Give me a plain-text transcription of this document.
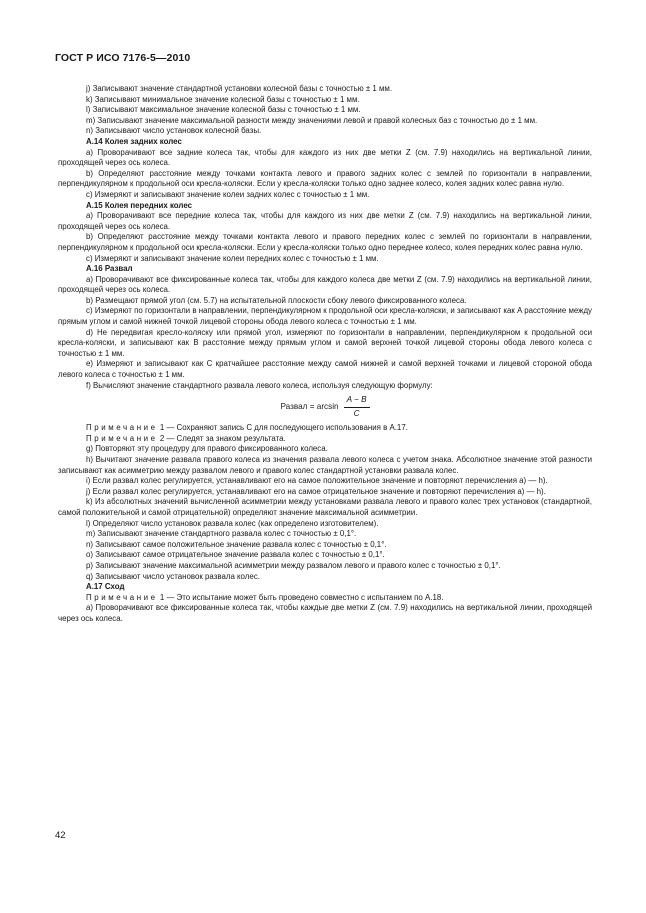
ГОСТ Р ИСО 7176-5—2010

j) Записывают значение стандартной установки колесной базы с точностью ± 1 мм.

k) Записывают минимальное значение колесной базы с точностью ± 1 мм.

l) Записывают максимальное значение колесной базы с точностью ± 1 мм.

m) Записывают значение максимальной разности между значениями левой и правой колесных баз с точностью до ± 1 мм.

n) Записывают число установок колесной базы.

А.14 Колея задних колес

a) Проворачивают все задние колеса так, чтобы для каждого из них две метки Z (см. 7.9) находились на вертикальной линии, проходящей через ось колеса.

b) Определяют расстояние между точками контакта левого и правого задних колес с землей по горизонтали в направлении, перпендикулярном к продольной оси кресла-коляски. Если у кресла-коляски только одно заднее колесо, колея задних колес равна нулю.

c) Измеряют и записывают значение колеи задних колес с точностью ± 1 мм.

А.15 Колея передних колес

a) Проворачивают все передние колеса так, чтобы для каждого из них две метки Z (см. 7.9) находились на вертикальной линии, проходящей через ось колеса.

b) Определяют расстояние между точками контакта левого и правого передних колес с землей по горизонтали в направлении, перпендикулярном к продольной оси кресла-коляски. Если у кресла-коляски только одно переднее колесо, колея передних колес равна нулю.

c) Измеряют и записывают значение колеи передних колес с точностью ± 1 мм.

А.16 Развал

a) Проворачивают все фиксированные колеса так, чтобы для каждого колеса две метки Z (см. 7.9) находились на вертикальной линии, проходящей через ось колеса.

b) Размещают прямой угол (см. 5.7) на испытательной плоскости сбоку левого фиксированного колеса.

c) Измеряют по горизонтали в направлении, перпендикулярном к продольной оси кресла-коляски, и записывают как A расстояние между прямым углом и самой нижней точкой лицевой стороны обода левого колеса с точностью ± 1 мм.

d) Не передвигая кресло-коляску или прямой угол, измеряют по горизонтали в направлении, перпендикулярном к продольной оси кресла-коляски, и записывают как B расстояние между прямым углом и самой верхней точкой лицевой стороны обода левого колеса с точностью ± 1 мм.

e) Измеряют и записывают как C кратчайшее расстояние между самой нижней и самой верхней точками и лицевой стороной обода левого колеса с точностью ± 1 мм.

f) Вычисляют значение стандартного развала левого колеса, используя следующую формулу:

Развал = $\arcsin \frac{A - B}{C}$

Примечание 1 — Сохраняют запись C для последующего использования в А.17.

Примечание 2 — Следят за знаком результата.

g) Повторяют эту процедуру для правого фиксированного колеса.

h) Вычитают значение развала правого колеса из значения развала левого колеса с учетом знака. Абсолютное значение этой разности записывают как асимметрию между развалом левого и правого колес стандартной установки развала колес.

i) Если развал колес регулируется, устанавливают его на самое положительное значение и повторяют перечисления a) — h).

j) Если развал колес регулируется, устанавливают его на самое отрицательное значение и повторяют перечисления a) — h).

k) Из абсолютных значений вычисленной асимметрии между установками развала левого и правого колес трех установок (стандартной, самой положительной и самой отрицательной) определяют значение максимальной асимметрии.

l) Определяют число установок развала колес (как определено изготовителем).

m) Записывают значение стандартного развала колес с точностью ± 0,1°.

n) Записывают самое положительное значение развала колес с точностью ± 0,1°.

o) Записывают самое отрицательное значение развала колес с точностью ± 0,1°.

p) Записывают значение максимальной асимметрии между развалом левого и правого колес с точностью ± 0,1°.

q) Записывают число установок развала колес.

А.17 Сход

Примечание 1 — Это испытание может быть проведено совместно с испытанием по А.18.

a) Проворачивают все фиксированные колеса так, чтобы каждые две метки Z (см. 7.9) находились на вертикальной линии, проходящей через ось колеса.

42
